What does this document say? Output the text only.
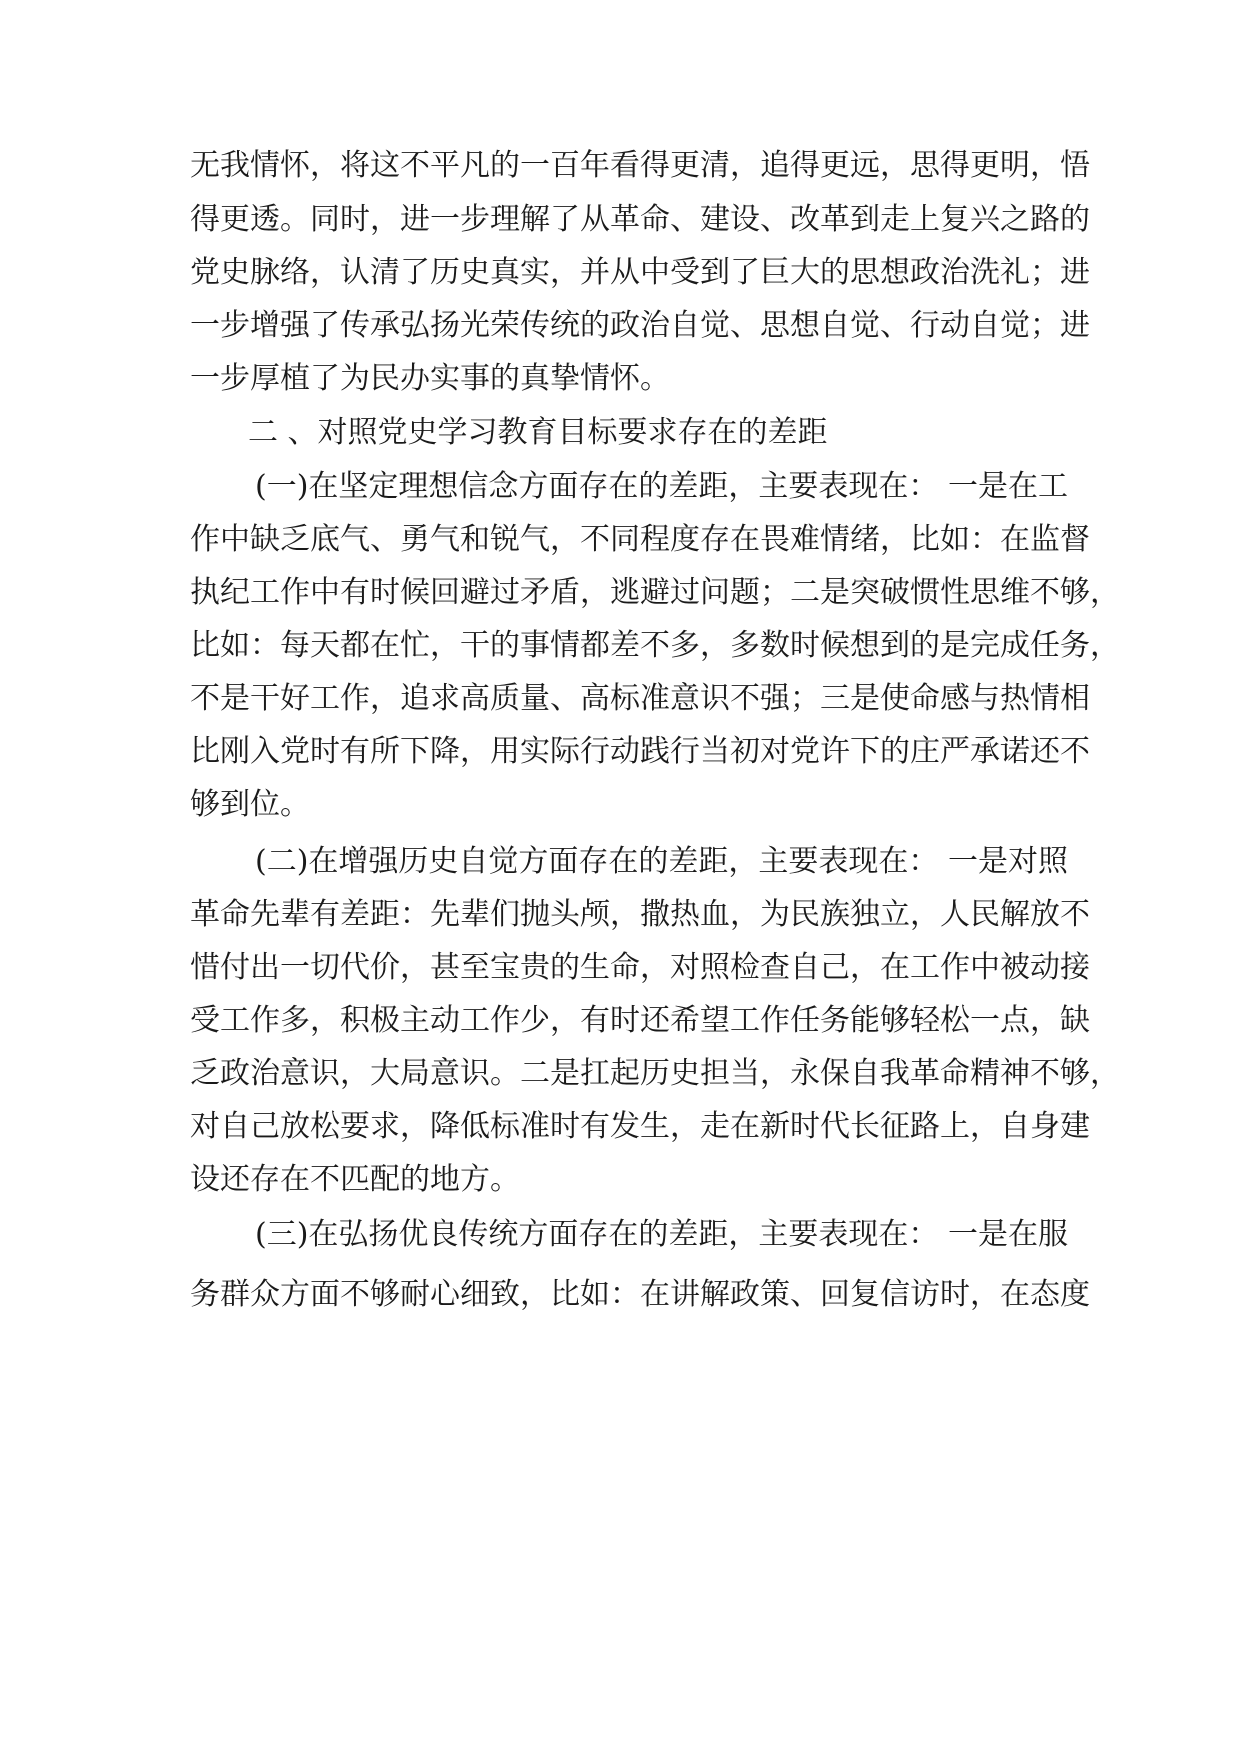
无我情怀，将这不平凡的一百年看得更清，追得更远，思得更明，悟
得更透。同时，进一步理解了从革命、建设、改革到走上复兴之路的
党史脉络，认清了历史真实，并从中受到了巨大的思想政治洗礼；进
一步增强了传承弘扬光荣传统的政治自觉、思想自觉、行动自觉；进
一步厚植了为民办实事的真挚情怀。
二 、对照党史学习教育目标要求存在的差距
(一)在坚定理想信念方面存在的差距，主要表现在： 一是在工
作中缺乏底气、勇气和锐气，不同程度存在畏难情绪，比如：在监督
执纪工作中有时候回避过矛盾，逃避过问题；二是突破惯性思维不够，
比如：每天都在忙，干的事情都差不多，多数时候想到的是完成任务，
不是干好工作，追求高质量、高标准意识不强；三是使命感与热情相
比刚入党时有所下降，用实际行动践行当初对党许下的庄严承诺还不
够到位。
(二)在增强历史自觉方面存在的差距，主要表现在： 一是对照
革命先辈有差距：先辈们抛头颅，撒热血，为民族独立，人民解放不
惜付出一切代价，甚至宝贵的生命，对照检查自己，在工作中被动接
受工作多，积极主动工作少，有时还希望工作任务能够轻松一点，缺
乏政治意识，大局意识。二是扛起历史担当，永保自我革命精神不够，
对自己放松要求，降低标准时有发生，走在新时代长征路上，自身建
设还存在不匹配的地方。
(三)在弘扬优良传统方面存在的差距，主要表现在： 一是在服
务群众方面不够耐心细致，比如：在讲解政策、回复信访时，在态度
